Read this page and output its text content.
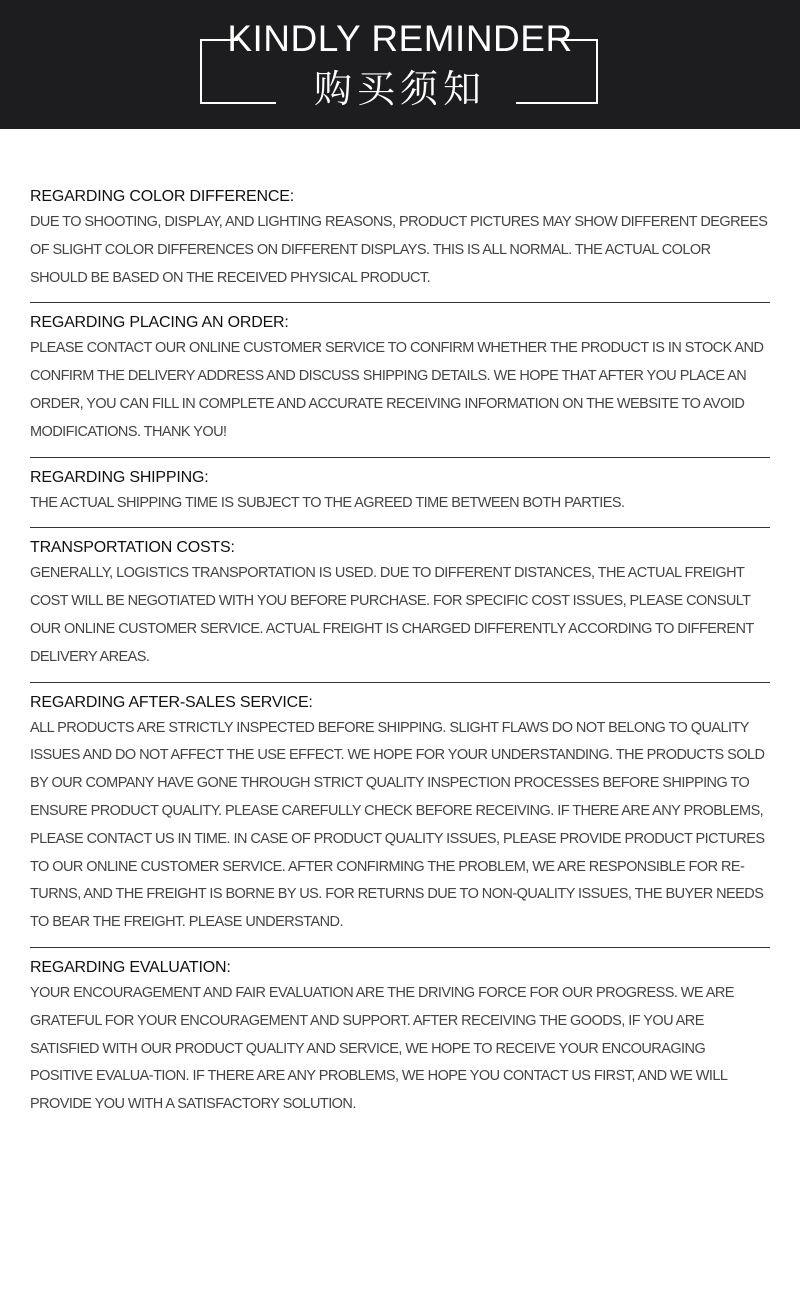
KINDLY REMINDER
购买须知
REGARDING COLOR DIFFERENCE:

DUE TO SHOOTING, DISPLAY, AND LIGHTING REASONS, PRODUCT PICTURES MAY SHOW DIFFERENT DEGREES OF SLIGHT COLOR DIFFERENCES ON DIFFERENT DISPLAYS. THIS IS ALL NORMAL. THE ACTUAL COLOR SHOULD BE BASED ON THE RECEIVED PHYSICAL PRODUCT.

REGARDING PLACING AN ORDER:

PLEASE CONTACT OUR ONLINE CUSTOMER SERVICE TO CONFIRM WHETHER THE PRODUCT IS IN STOCK AND CONFIRM THE DELIVERY ADDRESS AND DISCUSS SHIPPING DETAILS. WE HOPE THAT AFTER YOU PLACE AN ORDER, YOU CAN FILL IN COMPLETE AND ACCURATE RECEIVING INFORMATION ON THE WEBSITE TO AVOID MODIFICATIONS. THANK YOU!

REGARDING SHIPPING:

THE ACTUAL SHIPPING TIME IS SUBJECT TO THE AGREED TIME BETWEEN BOTH PARTIES.

TRANSPORTATION COSTS:

GENERALLY, LOGISTICS TRANSPORTATION IS USED. DUE TO DIFFERENT DISTANCES, THE ACTUAL FREIGHT COST WILL BE NEGOTIATED WITH YOU BEFORE PURCHASE. FOR SPECIFIC COST ISSUES, PLEASE CONSULT OUR ONLINE CUSTOMER SERVICE. ACTUAL FREIGHT IS CHARGED DIFFERENTLY ACCORDING TO DIFFERENT DELIVERY AREAS.

REGARDING AFTER-SALES SERVICE:

ALL PRODUCTS ARE STRICTLY INSPECTED BEFORE SHIPPING. SLIGHT FLAWS DO NOT BELONG TO QUALITY ISSUES AND DO NOT AFFECT THE USE EFFECT. WE HOPE FOR YOUR UNDERSTANDING. THE PRODUCTS SOLD BY OUR COMPANY HAVE GONE THROUGH STRICT QUALITY INSPECTION PROCESSES BEFORE SHIPPING TO ENSURE PRODUCT QUALITY. PLEASE CAREFULLY CHECK BEFORE RECEIVING. IF THERE ARE ANY PROBLEMS, PLEASE CONTACT US IN TIME. IN CASE OF PRODUCT QUALITY ISSUES, PLEASE PROVIDE PRODUCT PICTURES TO OUR ONLINE CUSTOMER SERVICE. AFTER CONFIRMING THE PROBLEM, WE ARE RESPONSIBLE FOR RE-TURNS, AND THE FREIGHT IS BORNE BY US. FOR RETURNS DUE TO NON-QUALITY ISSUES, THE BUYER NEEDS TO BEAR THE FREIGHT. PLEASE UNDERSTAND.

REGARDING EVALUATION:

YOUR ENCOURAGEMENT AND FAIR EVALUATION ARE THE DRIVING FORCE FOR OUR PROGRESS. WE ARE GRATEFUL FOR YOUR ENCOURAGEMENT AND SUPPORT. AFTER RECEIVING THE GOODS, IF YOU ARE SATISFIED WITH OUR PRODUCT QUALITY AND SERVICE, WE HOPE TO RECEIVE YOUR ENCOURAGING POSITIVE EVALUA-TION. IF THERE ARE ANY PROBLEMS, WE HOPE YOU CONTACT US FIRST, AND WE WILL PROVIDE YOU WITH A SATISFACTORY SOLUTION.
